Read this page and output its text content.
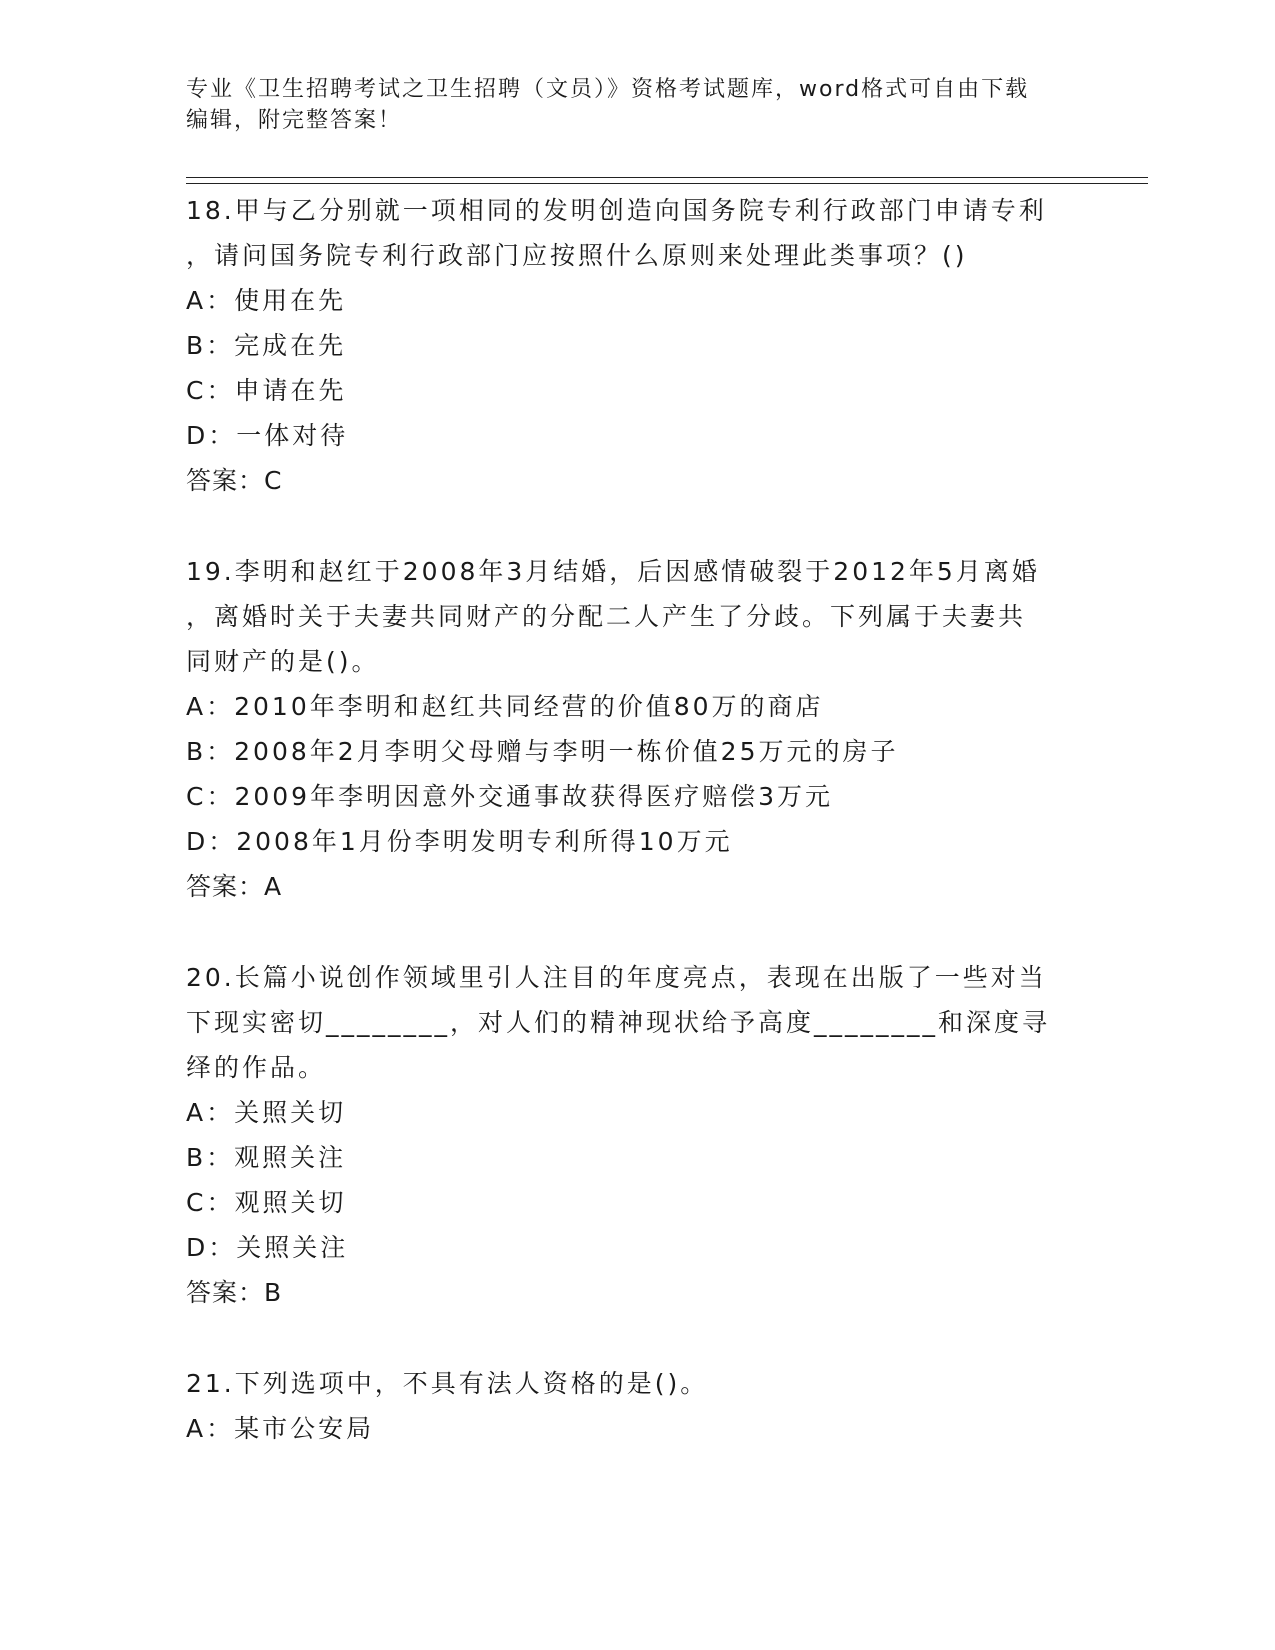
专业《卫生招聘考试之卫生招聘（文员）》资格考试题库，word格式可自由下载
编辑，附完整答案！

18.甲与乙分别就一项相同的发明创造向国务院专利行政部门申请专利

，请问国务院专利行政部门应按照什么原则来处理此类事项？()

A：使用在先

B：完成在先

C：申请在先

D：一体对待

答案：C

19.李明和赵红于2008年3月结婚，后因感情破裂于2012年5月离婚

，离婚时关于夫妻共同财产的分配二人产生了分歧。下列属于夫妻共

同财产的是()。

A：2010年李明和赵红共同经营的价值80万的商店

B：2008年2月李明父母赠与李明一栋价值25万元的房子

C：2009年李明因意外交通事故获得医疗赔偿3万元

D：2008年1月份李明发明专利所得10万元

答案：A

20.长篇小说创作领域里引人注目的年度亮点，表现在出版了一些对当

下现实密切________，对人们的精神现状给予高度________和深度寻

绎的作品。

A：关照关切

B：观照关注

C：观照关切

D：关照关注

答案：B

21.下列选项中，不具有法人资格的是()。

A：某市公安局
